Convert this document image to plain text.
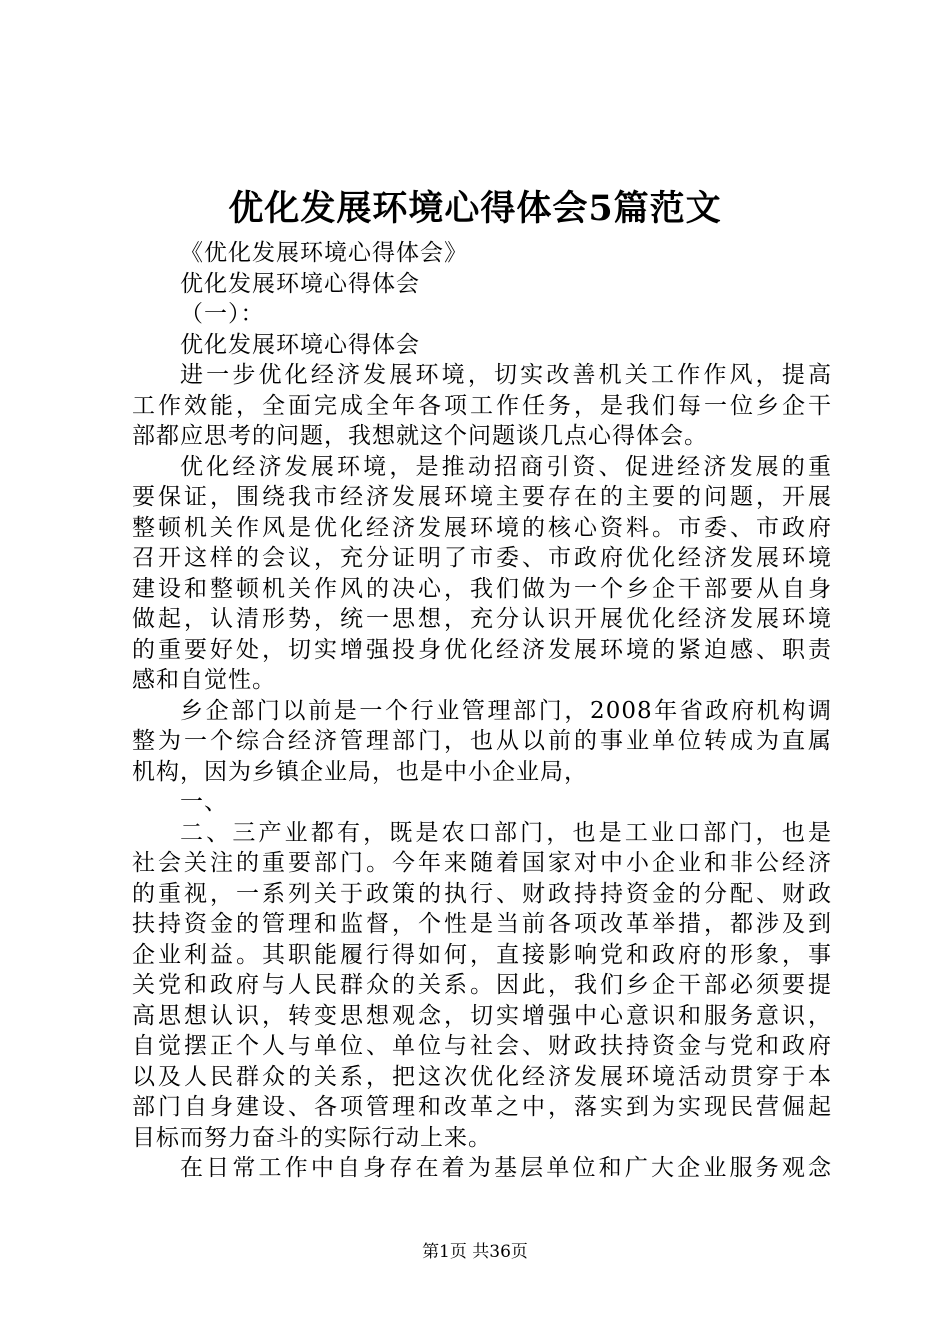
优化发展环境心得体会5篇范文
《优化发展环境心得体会》
优化发展环境心得体会
（一）：
优化发展环境心得体会
进一步优化经济发展环境，切实改善机关工作作风，提高
工作效能，全面完成全年各项工作任务，是我们每一位乡企干
部都应思考的问题，我想就这个问题谈几点心得体会。
优化经济发展环境，是推动招商引资、促进经济发展的重
要保证，围绕我市经济发展环境主要存在的主要的问题，开展
整顿机关作风是优化经济发展环境的核心资料。市委、市政府
召开这样的会议，充分证明了市委、市政府优化经济发展环境
建设和整顿机关作风的决心，我们做为一个乡企干部要从自身
做起，认清形势，统一思想，充分认识开展优化经济发展环境
的重要好处，切实增强投身优化经济发展环境的紧迫感、职责
感和自觉性。
乡企部门以前是一个行业管理部门，2008年省政府机构调
整为一个综合经济管理部门，也从以前的事业单位转成为直属
机构，因为乡镇企业局，也是中小企业局，
一、
二、三产业都有，既是农口部门，也是工业口部门，也是
社会关注的重要部门。今年来随着国家对中小企业和非公经济
的重视，一系列关于政策的执行、财政持持资金的分配、财政
扶持资金的管理和监督，个性是当前各项改革举措，都涉及到
企业利益。其职能履行得如何，直接影响党和政府的形象，事
关党和政府与人民群众的关系。因此，我们乡企干部必须要提
高思想认识，转变思想观念，切实增强中心意识和服务意识，
自觉摆正个人与单位、单位与社会、财政扶持资金与党和政府
以及人民群众的关系，把这次优化经济发展环境活动贯穿于本
部门自身建设、各项管理和改革之中，落实到为实现民营倔起
目标而努力奋斗的实际行动上来。
在日常工作中自身存在着为基层单位和广大企业服务观念
第1页 共36页
